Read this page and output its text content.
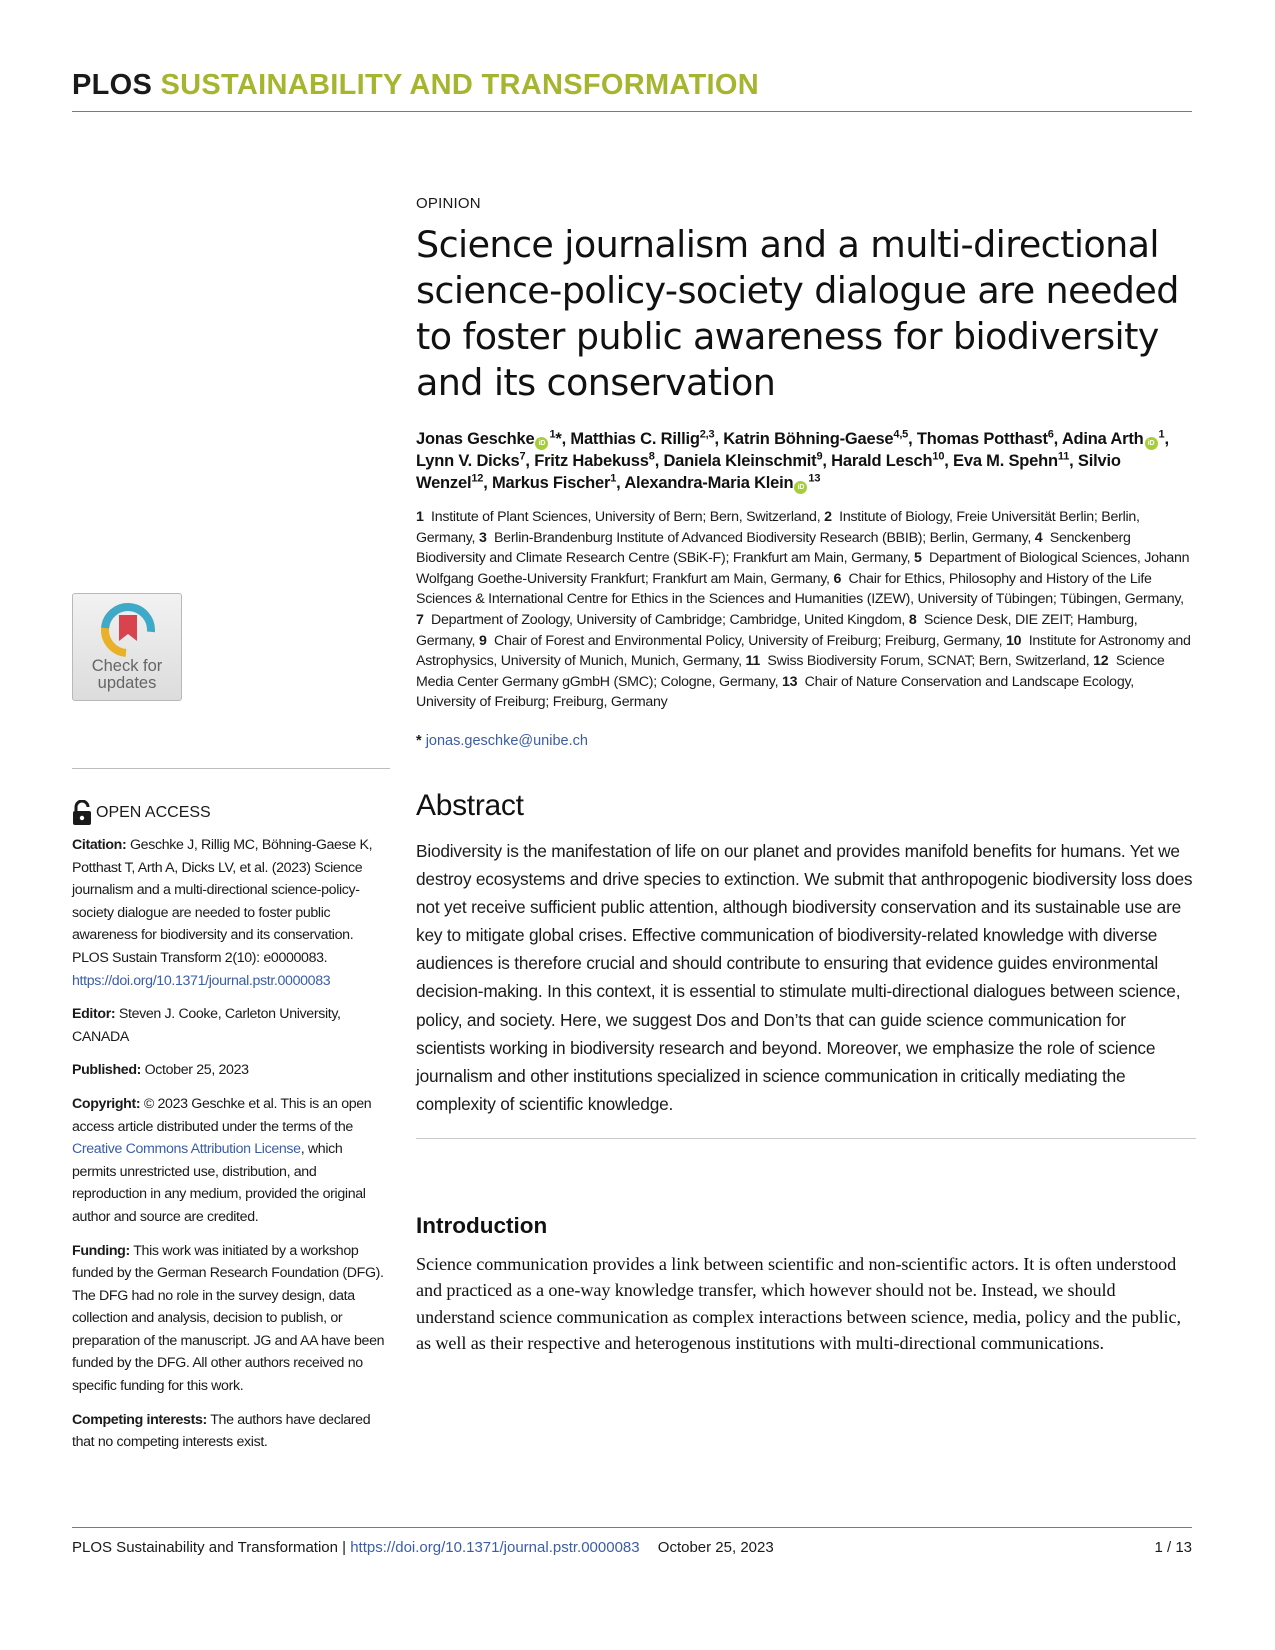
PLOS SUSTAINABILITY AND TRANSFORMATION
OPINION
Science journalism and a multi-directional science-policy-society dialogue are needed to foster public awareness for biodiversity and its conservation
Jonas Geschke $iD^1*$, Matthias C. Rillig$^{2,3}$, Katrin Böhning-Gaese$^{4,5}$, Thomas Potthast$^6$, Adina Arth $iD^1$, Lynn V. Dicks$^7$, Fritz Habekuss$^8$, Daniela Kleinschmit$^9$, Harald Lesch$^{10}$, Eva M. Spehn$^{11}$, Silvio Wenzel$^{12}$, Markus Fischer$^1$, Alexandra-Maria Klein $iD^{13}$
1 Institute of Plant Sciences, University of Bern; Bern, Switzerland, 2 Institute of Biology, Freie Universität Berlin; Berlin, Germany, 3 Berlin-Brandenburg Institute of Advanced Biodiversity Research (BBIB); Berlin, Germany, 4 Senckenberg Biodiversity and Climate Research Centre (SBiK-F); Frankfurt am Main, Germany, 5 Department of Biological Sciences, Johann Wolfgang Goethe-University Frankfurt; Frankfurt am Main, Germany, 6 Chair for Ethics, Philosophy and History of the Life Sciences & International Centre for Ethics in the Sciences and Humanities (IZEW), University of Tübingen; Tübingen, Germany, 7 Department of Zoology, University of Cambridge; Cambridge, United Kingdom, 8 Science Desk, DIE ZEIT; Hamburg, Germany, 9 Chair of Forest and Environmental Policy, University of Freiburg; Freiburg, Germany, 10 Institute for Astronomy and Astrophysics, University of Munich, Munich, Germany, 11 Swiss Biodiversity Forum, SCNAT; Bern, Switzerland, 12 Science Media Center Germany gGmbH (SMC); Cologne, Germany, 13 Chair of Nature Conservation and Landscape Ecology, University of Freiburg; Freiburg, Germany
* jonas.geschke@unibe.ch
Abstract
Biodiversity is the manifestation of life on our planet and provides manifold benefits for humans. Yet we destroy ecosystems and drive species to extinction. We submit that anthropogenic biodiversity loss does not yet receive sufficient public attention, although biodiversity conservation and its sustainable use are key to mitigate global crises. Effective communication of biodiversity-related knowledge with diverse audiences is therefore crucial and should contribute to ensuring that evidence guides environmental decision-making. In this context, it is essential to stimulate multi-directional dialogues between science, policy, and society. Here, we suggest Dos and Don’ts that can guide science communication for scientists working in biodiversity research and beyond. Moreover, we emphasize the role of science journalism and other institutions specialized in science communication in critically mediating the complexity of scientific knowledge.
Introduction
Science communication provides a link between scientific and non-scientific actors. It is often understood and practiced as a one-way knowledge transfer, which however should not be. Instead, we should understand science communication as complex interactions between science, media, policy and the public, as well as their respective and heterogenous institutions with multi-directional communications.
Check for
updates
OPEN ACCESS

Citation: Geschke J, Rillig MC, Böhning-Gaese K, Potthast T, Arth A, Dicks LV, et al. (2023) Science journalism and a multi-directional science-policy-society dialogue are needed to foster public awareness for biodiversity and its conservation. PLOS Sustain Transform 2(10): e0000083. https://doi.org/10.1371/journal.pstr.0000083

Editor: Steven J. Cooke, Carleton University, CANADA

Published: October 25, 2023

Copyright: © 2023 Geschke et al. This is an open access article distributed under the terms of the Creative Commons Attribution License, which permits unrestricted use, distribution, and reproduction in any medium, provided the original author and source are credited.

Funding: This work was initiated by a workshop funded by the German Research Foundation (DFG). The DFG had no role in the survey design, data collection and analysis, decision to publish, or preparation of the manuscript. JG and AA have been funded by the DFG. All other authors received no specific funding for this work.

Competing interests: The authors have declared that no competing interests exist.

PLOS Sustainability and Transformation | https://doi.org/10.1371/journal.pstr.0000083 October 25, 2023	1 / 13
